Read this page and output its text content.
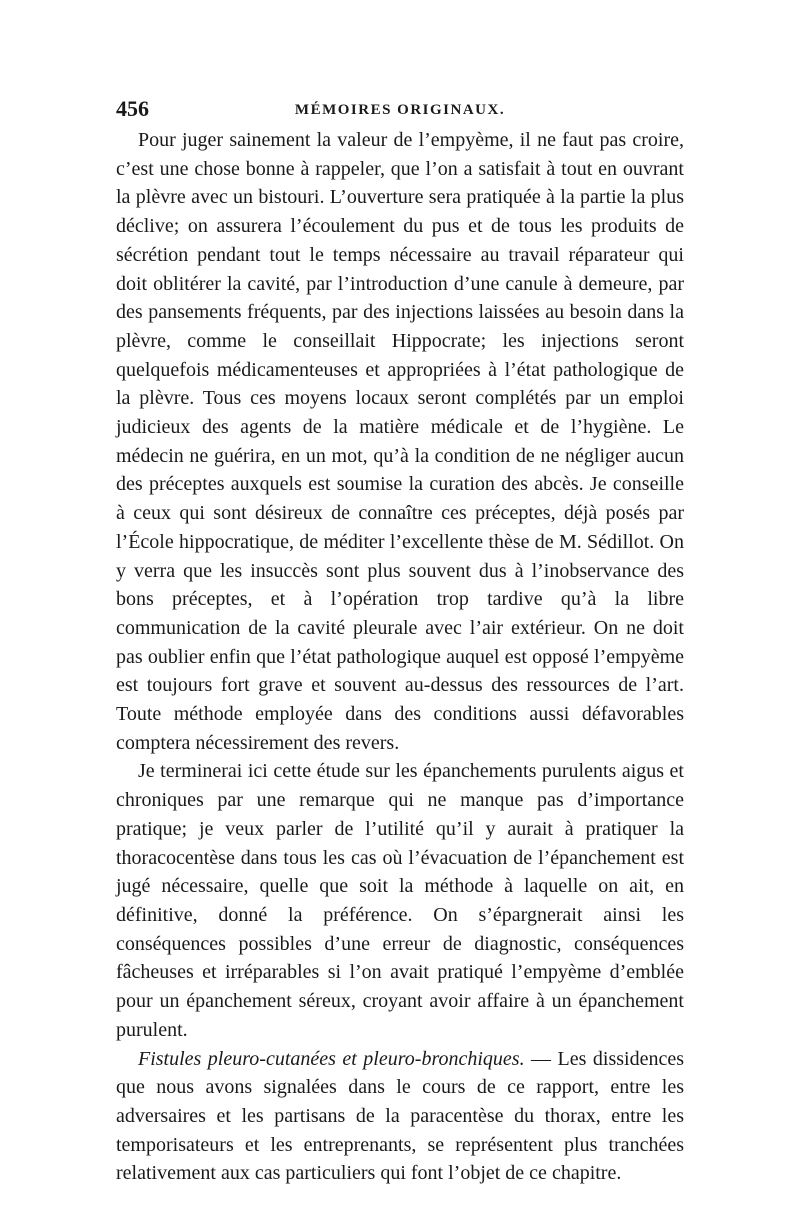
456	MÉMOIRES ORIGINAUX.

Pour juger sainement la valeur de l’empyème, il ne faut pas croire, c’est une chose bonne à rappeler, que l’on a satisfait à tout en ouvrant la plèvre avec un bistouri. L’ouverture sera pratiquée à la partie la plus déclive; on assurera l’écoulement du pus et de tous les produits de sécrétion pendant tout le temps nécessaire au travail réparateur qui doit oblitérer la cavité, par l’introduction d’une canule à demeure, par des pansements fréquents, par des injections laissées au besoin dans la plèvre, comme le conseillait Hippocrate; les injections seront quelquefois médicamenteuses et appropriées à l’état pathologique de la plèvre. Tous ces moyens locaux seront complétés par un emploi judicieux des agents de la matière médicale et de l’hygiène. Le médecin ne guérira, en un mot, qu’à la condition de ne négliger aucun des préceptes auxquels est soumise la curation des abcès. Je conseille à ceux qui sont désireux de connaître ces préceptes, déjà posés par l’École hippocratique, de méditer l’excellente thèse de M. Sédillot. On y verra que les insuccès sont plus souvent dus à l’inobservance des bons préceptes, et à l’opération trop tardive qu’à la libre communication de la cavité pleurale avec l’air extérieur. On ne doit pas oublier enfin que l’état pathologique auquel est opposé l’empyème est toujours fort grave et souvent au-dessus des ressources de l’art. Toute méthode employée dans des conditions aussi défavorables comptera nécessirement des revers.

Je terminerai ici cette étude sur les épanchements purulents aigus et chroniques par une remarque qui ne manque pas d’importance pratique; je veux parler de l’utilité qu’il y aurait à pratiquer la thoracocentèse dans tous les cas où l’évacuation de l’épanchement est jugé nécessaire, quelle que soit la méthode à laquelle on ait, en définitive, donné la préférence. On s’épargnerait ainsi les conséquences possibles d’une erreur de diagnostic, conséquences fâcheuses et irréparables si l’on avait pratiqué l’empyème d’emblée pour un épanchement séreux, croyant avoir affaire à un épanchement purulent.

Fistules pleuro-cutanées et pleuro-bronchiques. — Les dissidences que nous avons signalées dans le cours de ce rapport, entre les adversaires et les partisans de la paracentèse du thorax, entre les temporisateurs et les entreprenants, se représentent plus tranchées relativement aux cas particuliers qui font l’objet de ce chapitre.
